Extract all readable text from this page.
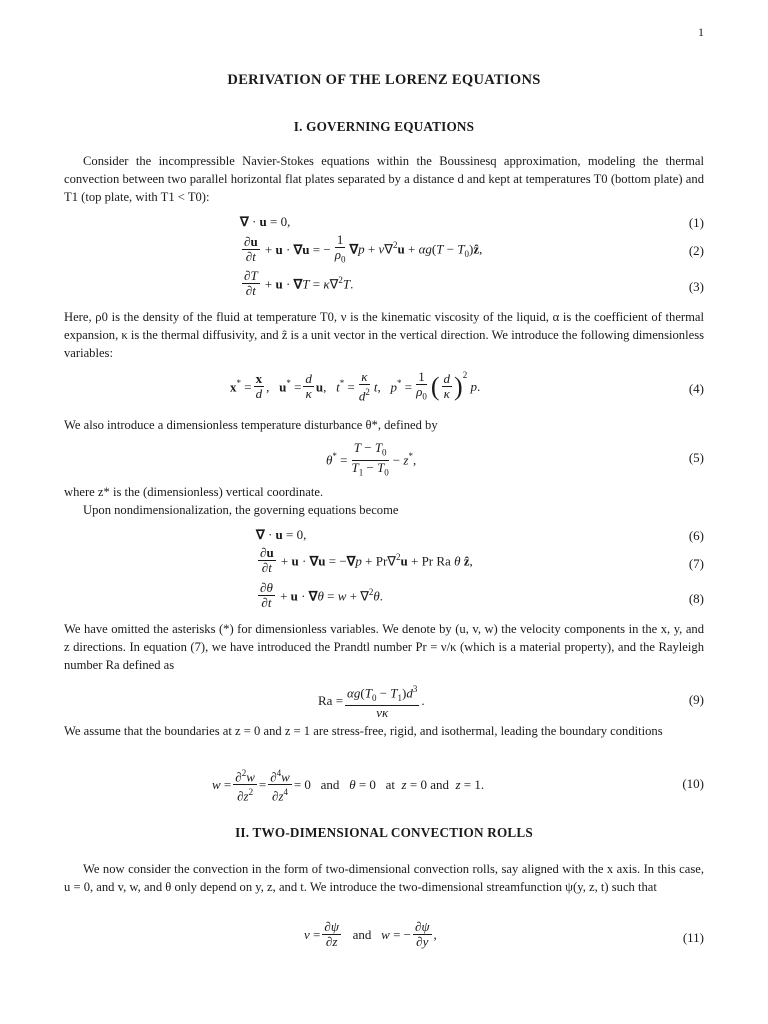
1
DERIVATION OF THE LORENZ EQUATIONS
I. GOVERNING EQUATIONS
Consider the incompressible Navier-Stokes equations within the Boussinesq approximation, modeling the thermal convection between two parallel horizontal flat plates separated by a distance d and kept at temperatures T0 (bottom plate) and T1 (top plate, with T1 < T0):
∇ · u = 0,	(1)
$\frac{\partial u}{\partial t} + u \cdot \nabla u$ = − $\frac{1}{\rho_0} \nabla p + \nu\nabla^2u + \alpha g(T$ − $T_0)ẑ$,	(2)
$\frac{\partial T}{\partial t} + u \cdot \nabla T = \kappa\nabla^2T$.	(3)
Here, ρ0 is the density of the fluid at temperature T0, ν is the kinematic viscosity of the liquid, α is the coefficient of thermal expansion, κ is the thermal diffusivity, and ẑ is a unit vector in the vertical direction. We introduce the following dimensionless variables:
$x^* = \frac{x}{d}$ ,   $u^* = \frac{d}{\kappa} u$,   $t^* = \frac{\kappa}{d^2} t$,   $p^* = \frac{1}{\rho_0}$ ( $\frac{d}{\kappa} )^2$
p.	(4)
We also introduce a dimensionless temperature disturbance θ*, defined by
$\theta^* = \frac{T - T_0}{T_1 - T_0} - z^*$,	(5)
where z* is the (dimensionless) vertical coordinate.
Upon nondimensionalization, the governing equations become
∇ · u = 0,	(6)
$\frac{\partial u}{\partial t} + u \cdot \nabla u = -\nabla p + Pr\nabla^2u + Pr$ Ra θ ẑ,	(7)
$\frac{\partial\theta}{\partial t} + u \cdot \nabla\theta = w + \nabla^2\theta$.	(8)
We have omitted the asterisks (*) for dimensionless variables. We denote by (u, v, w) the velocity components in the x, y, and z directions. In equation (7), we have introduced the Prandtl number Pr = ν/κ (which is a material property), and the Rayleigh number Ra defined as
$Ra = \frac{\alpha g(T_0 - T_1)d^3}{\nu\kappa}$ .	(9)
We assume that the boundaries at z = 0 and z = 1 are stress-free, rigid, and isothermal, leading the boundary conditions
$w = \frac{\partial^2w}{\partial z^2} = \frac{\partial^4w}{\partial z^4} = 0$   and   θ = 0   at  z = 0 and  z = 1.	(10)
II. TWO-DIMENSIONAL CONVECTION ROLLS
We now consider the convection in the form of two-dimensional convection rolls, say aligned with the x axis. In this case, u = 0, and v, w, and θ only depend on y, z, and t. We introduce the two-dimensional streamfunction ψ(y, z, t) such that
$v = \frac{\partial\psi}{\partial z}$ and   w = − $\frac{\partial\psi}{\partial y}$ ,	(11)
